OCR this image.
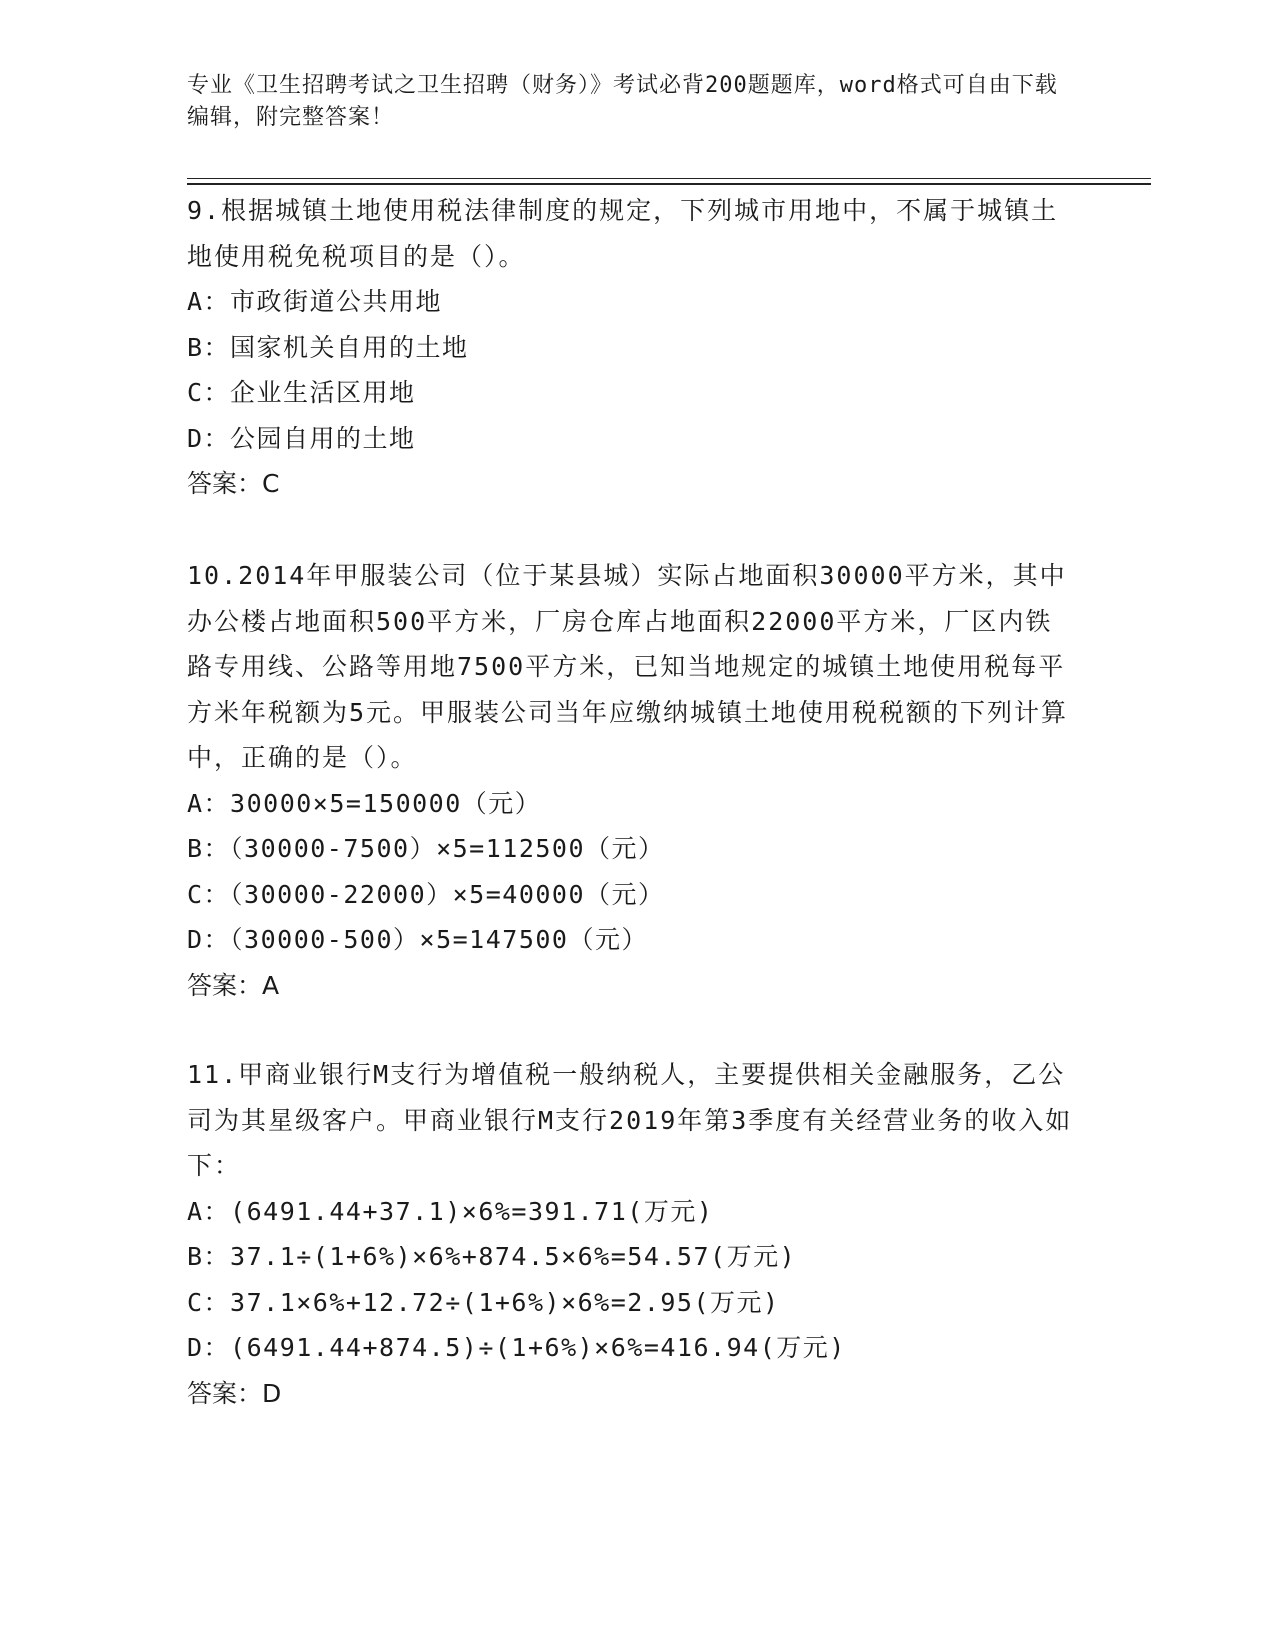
专业《卫生招聘考试之卫生招聘（财务）》考试必背200题题库，word格式可自由下载编辑，附完整答案！

9.根据城镇土地使用税法律制度的规定，下列城市用地中，不属于城镇土地使用税免税项目的是（）。

A：市政街道公共用地

B：国家机关自用的土地

C：企业生活区用地

D：公园自用的土地

答案：C

10.2014年甲服装公司（位于某县城）实际占地面积30000平方米，其中办公楼占地面积500平方米，厂房仓库占地面积22000平方米，厂区内铁路专用线、公路等用地7500平方米，已知当地规定的城镇土地使用税每平方米年税额为5元。甲服装公司当年应缴纳城镇土地使用税税额的下列计算中，正确的是（）。

A：30000×5=150000（元）

B：（30000-7500）×5=112500（元）

C：（30000-22000）×5=40000（元）

D：（30000-500）×5=147500（元）

答案：A

11.甲商业银行M支行为增值税一般纳税人，主要提供相关金融服务，乙公司为其星级客户。甲商业银行M支行2019年第3季度有关经营业务的收入如下：

A：(6491.44+37.1)×6%=391.71(万元)

B：37.1÷(1+6%)×6%+874.5×6%=54.57(万元)

C：37.1×6%+12.72÷(1+6%)×6%=2.95(万元)

D：(6491.44+874.5)÷(1+6%)×6%=416.94(万元)

答案：D
